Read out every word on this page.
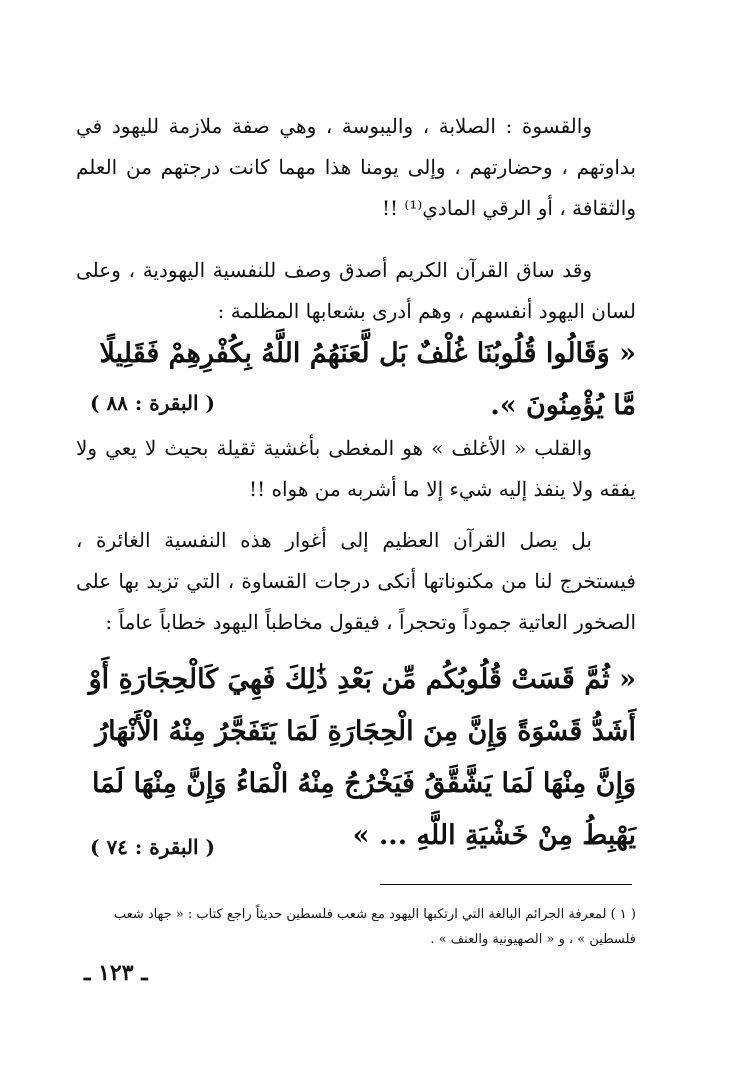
والقسوة : الصلابة ، واليبوسة ، وهي صفة ملازمة لليهود في بداوتهم ، وحضارتهم ، وإلى يومنا هذا مهما كانت درجتهم من العلم والثقافة ، أو الرقي المادي⁽¹⁾ !!

وقد ساق القرآن الكريم أصدق وصف للنفسية اليهودية ، وعلى لسان اليهود أنفسهم ، وهم أدرى بشعابها المظلمة :

« وَقَالُوا قُلُوبُنَا غُلْفٌ بَل لَّعَنَهُمُ اللَّهُ بِكُفْرِهِمْ فَقَلِيلًا مَّا يُؤْمِنُونَ ».

( البقرة : ٨٨ )

والقلب « الأغلف » هو المغطى بأغشية ثقيلة بحيث لا يعي ولا يفقه ولا ينفذ إليه شيء إلا ما أشربه من هواه !!

بل يصل القرآن العظيم إلى أغوار هذه النفسية الغائرة ، فيستخرج لنا من مكنوناتها أنكى درجات القساوة ، التي تزيد بها على الصخور العاتية جموداً وتحجراً ، فيقول مخاطباً اليهود خطاباً عاماً :

« ثُمَّ قَسَتْ قُلُوبُكُم مِّن بَعْدِ ذَٰلِكَ فَهِيَ كَالْحِجَارَةِ أَوْ أَشَدُّ قَسْوَةً وَإِنَّ مِنَ الْحِجَارَةِ لَمَا يَتَفَجَّرُ مِنْهُ الْأَنْهَارُ وَإِنَّ مِنْهَا لَمَا يَشَّقَّقُ فَيَخْرُجُ مِنْهُ الْمَاءُ وَإِنَّ مِنْهَا لَمَا يَهْبِطُ مِنْ خَشْيَةِ اللَّهِ ... »

( البقرة : ٧٤ )
( ١ ) لمعرفة الجرائم البالغة التي ارتكبها اليهود مع شعب فلسطين حديثاً راجع كتاب : « جهاد شعب فلسطين » ، و « الصهيونية والعنف » .
ـ ١٢٣ ـ
